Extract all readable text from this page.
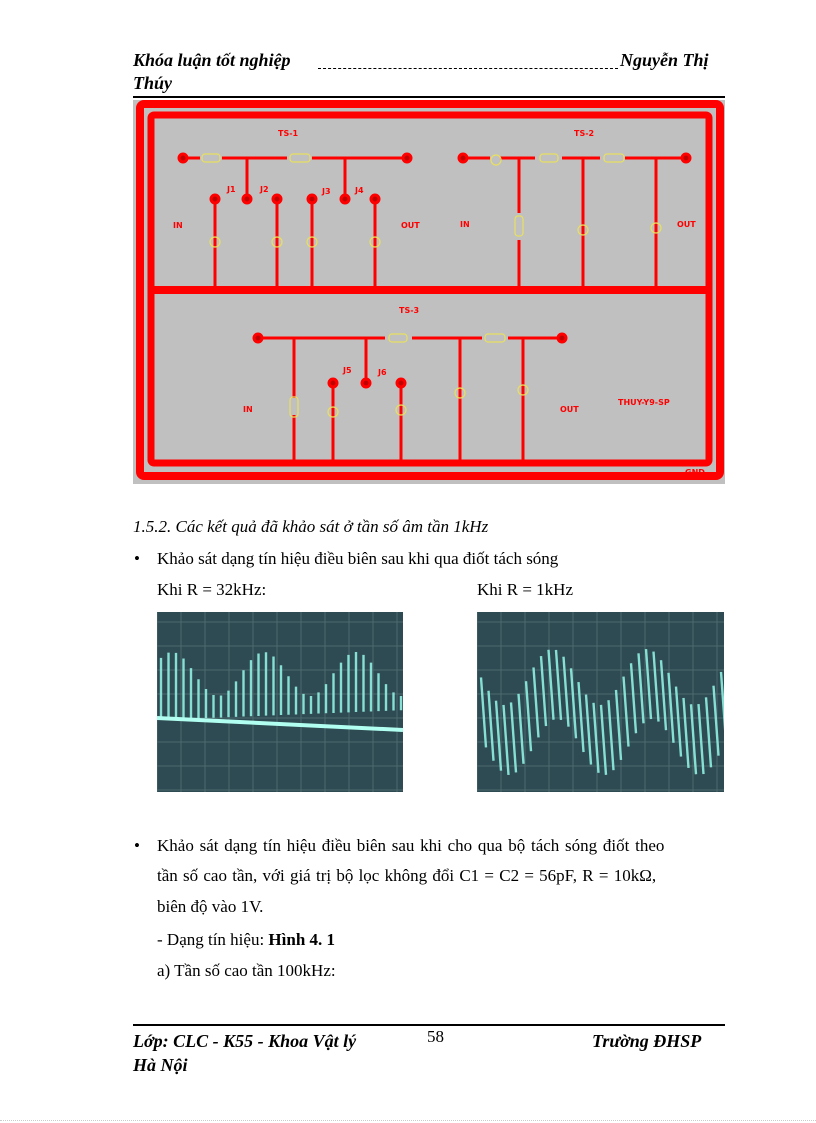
Khóa luận tốt nghiệp	Nguyễn Thị
Thúy
TS-1	TS-2
TS-3
J1	J2	J3	J4
J5	J6
IN	OUT	IN	OUT
IN	OUT
THUY-Y9-SP
GND
1.5.2. Các kết quả đã khảo sát ở tần số âm tần 1kHz
• Khảo sát dạng tín hiệu điều biên sau khi qua điốt tách sóng
Khi R = 32kHz:	Khi R = 1kHz
• Khảo sát dạng tín hiệu điều biên sau khi cho qua bộ tách sóng điốt theo
tần số cao tần, với giá trị bộ lọc không đổi C1 = C2 = 56pF, R = 10kΩ,
biên độ vào 1V.
- Dạng tín hiệu: Hình 4. 1
a) Tần số cao tần 100kHz:
Lớp: CLC - K55 - Khoa Vật lý	58	Trường ĐHSP
Hà Nội
